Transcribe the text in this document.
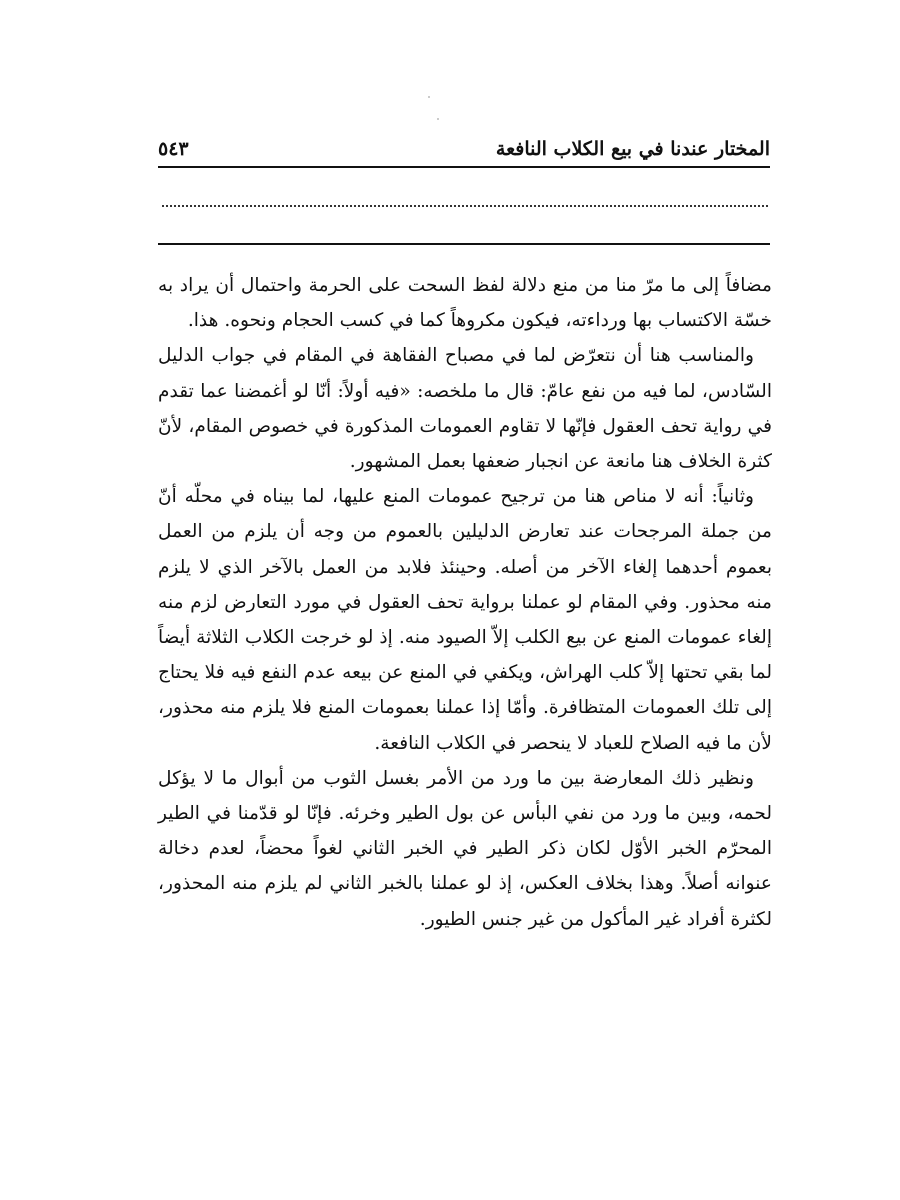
المختار عندنا في بيع الكلاب النافعة
٥٤٣

مضافاً إلى ما مرّ منا من منع دلالة لفظ السحت على الحرمة واحتمال أن يراد به خسّة الاكتساب بها ورداءته، فيكون مكروهاً كما في كسب الحجام ونحوه. هذا.

والمناسب هنا أن نتعرّض لما في مصباح الفقاهة في المقام في جواب الدليل السّادس، لما فيه من نفع عامّ: قال ما ملخصه: «فيه أولاً: أنّا لو أغمضنا عما تقدم في رواية تحف العقول فإنّها لا تقاوم العمومات المذكورة في خصوص المقام، لأنّ كثرة الخلاف هنا مانعة عن انجبار ضعفها بعمل المشهور.

وثانياً: أنه لا مناص هنا من ترجيح عمومات المنع عليها، لما بيناه في محلّه أنّ من جملة المرجحات عند تعارض الدليلين بالعموم من وجه أن يلزم من العمل بعموم أحدهما إلغاء الآخر من أصله. وحينئذ فلابد من العمل بالآخر الذي لا يلزم منه محذور. وفي المقام لو عملنا برواية تحف العقول في مورد التعارض لزم منه إلغاء عمومات المنع عن بيع الكلب إلاّ الصيود منه. إذ لو خرجت الكلاب الثلاثة أيضاً لما بقي تحتها إلاّ كلب الهراش، ويكفي في المنع عن بيعه عدم النفع فيه فلا يحتاج إلى تلك العمومات المتظافرة. وأمّا إذا عملنا بعمومات المنع فلا يلزم منه محذور، لأن ما فيه الصلاح للعباد لا ينحصر في الكلاب النافعة.

ونظير ذلك المعارضة بين ما ورد من الأمر بغسل الثوب من أبوال ما لا يؤكل لحمه، وبين ما ورد من نفي البأس عن بول الطير وخرئه. فإنّا لو قدّمنا في الطير المحرّم الخبر الأوّل لكان ذكر الطير في الخبر الثاني لغواً محضاً، لعدم دخالة عنوانه أصلاً. وهذا بخلاف العكس، إذ لو عملنا بالخبر الثاني لم يلزم منه المحذور، لكثرة أفراد غير المأكول من غير جنس الطيور.
